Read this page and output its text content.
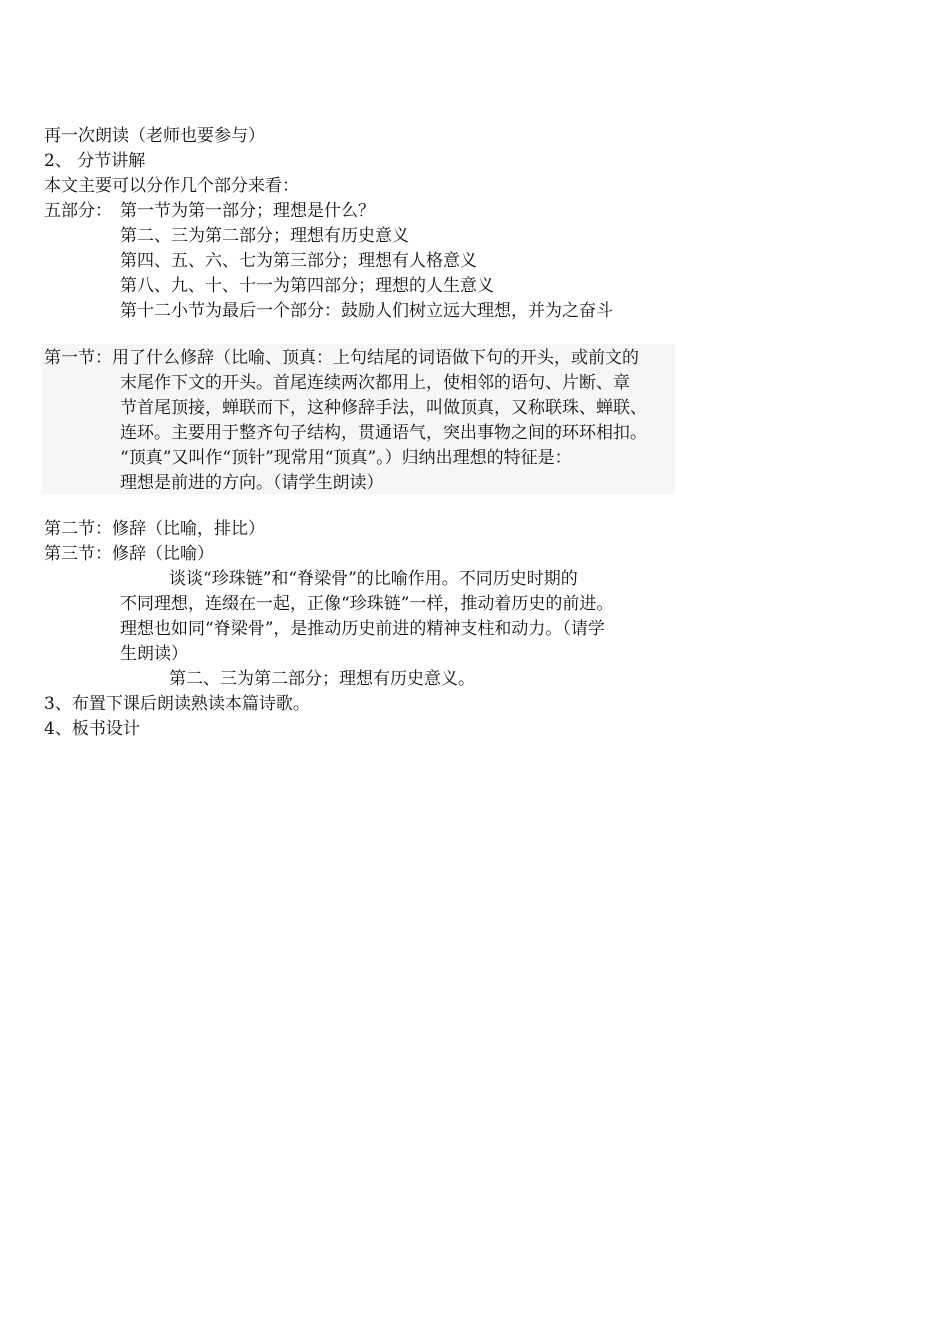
再一次朗读（老师也要参与）
2、 分节讲解
本文主要可以分作几个部分来看：
五部分： 第一节为第一部分；理想是什么？
第二、三为第二部分；理想有历史意义
第四、五、六、七为第三部分；理想有人格意义
第八、九、十、十一为第四部分；理想的人生意义
第十二小节为最后一个部分：鼓励人们树立远大理想，并为之奋斗
第一节： 用了什么修辞（比喻、顶真：上句结尾的词语做下句的开头，或前文的
末尾作下文的开头。首尾连续两次都用上，使相邻的语句、片断、章
节首尾顶接，蝉联而下，这种修辞手法，叫做顶真，又称联珠、蝉联、
连环。主要用于整齐句子结构，贯通语气，突出事物之间的环环相扣。
“顶真”又叫作“顶针”现常用“顶真”。）归纳出理想的特征是：
理想是前进的方向。（请学生朗读）
第二节：修辞（比喻，排比）
第三节：修辞（比喻）
谈谈“珍珠链”和“脊梁骨”的比喻作用。不同历史时期的
不同理想，连缀在一起，正像“珍珠链”一样，推动着历史的前进。
理想也如同“脊梁骨”，是推动历史前进的精神支柱和动力。（请学
生朗读）
第二、三为第二部分；理想有历史意义。
3、布置下课后朗读熟读本篇诗歌。
4、板书设计
